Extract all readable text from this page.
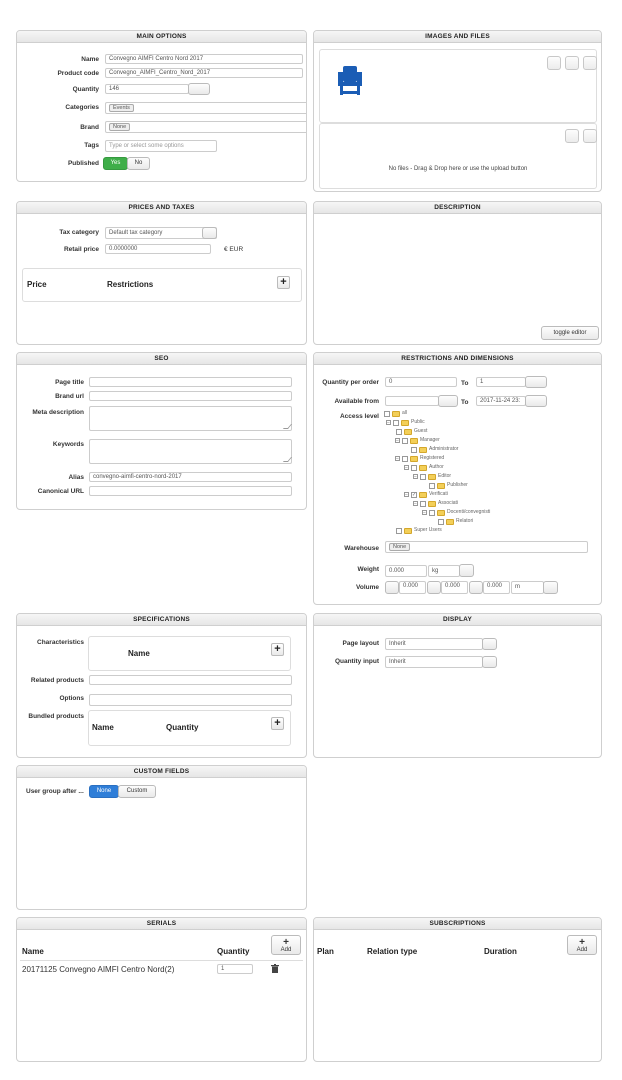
MAIN OPTIONS
Name	Convegno AIMFI Centro Nord 2017
Product code	Convegno_AIMFI_Centro_Nord_2017
Quantity	146
Categories	Events
Brand	None
Tags	Type or select some options
Published	Yes	No
IMAGES AND FILES
No files - Drag & Drop here or use the upload button
PRICES AND TAXES
Tax category	Default tax category
Retail price	0.0000000	€ EUR
Price	Restrictions	+
DESCRIPTION
toggle editor
SEO
Page title
Brand url
Meta description
Keywords
Alias	convegno-aimfi-centro-nord-2017
Canonical URL
RESTRICTIONS AND DIMENSIONS
Quantity per order	0	To	1
Available from	To	2017-11-24 23:
Access level	all
−	Public
Guest
−	Manager
Administrator
−	Registered
−	Author
−	Editor
Publisher
− ✓	Verificati
−	Associati
−	Docenti/convegnisti
Relatori
Super Users
Warehouse	None
Weight	0.000	kg
Volume	0.000	0.000	0.000	m
SPECIFICATIONS
Characteristics
Name	+
Related products
Options
Bundled products
Name	Quantity	+
DISPLAY
Page layout	Inherit
Quantity input	Inherit
CUSTOM FIELDS
User group after ...	None	Custom
SERIALS
+
Add
Name	Quantity
20171125 Convegno AIMFI Centro Nord(2)	1
SUBSCRIPTIONS
+
Add
Plan	Relation type	Duration
